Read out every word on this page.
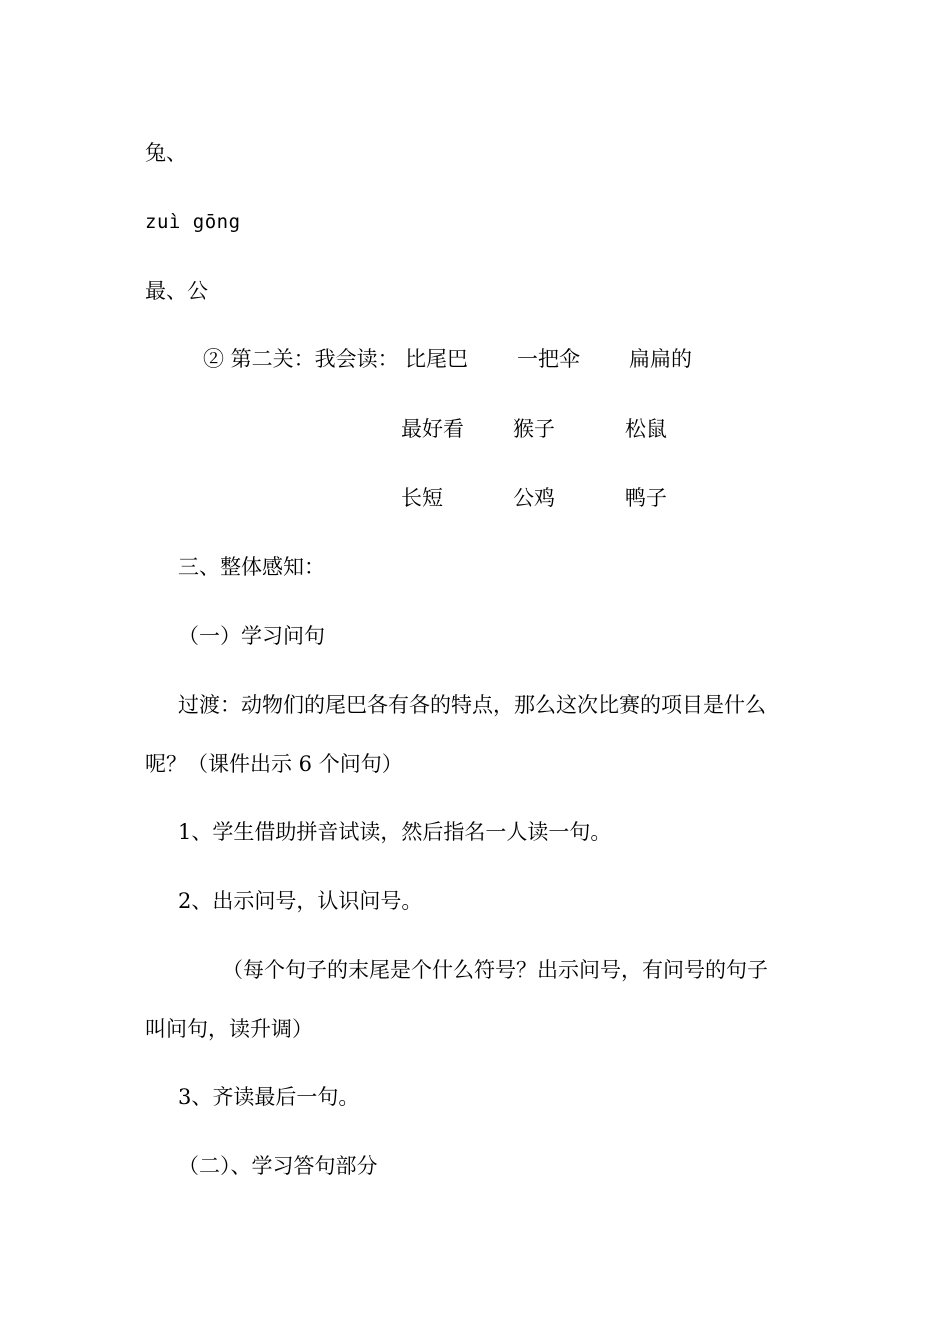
兔、
zuì gōng
最、公
② 第二关：我会读： 比尾巴 一把伞 扁扁的
最好看 猴子	松鼠
长短	公鸡	鸭子
三、整体感知：
（一）学习问句
过渡：动物们的尾巴各有各的特点，那么这次比赛的项目是什么
呢？（课件出示 6 个问句）
1、学生借助拼音试读，然后指名一人读一句。
2、出示问号，认识问号。
（每个句子的末尾是个什么符号？出示问号，有问号的句子
叫问句，读升调）
3、齐读最后一句。
（二）、学习答句部分
